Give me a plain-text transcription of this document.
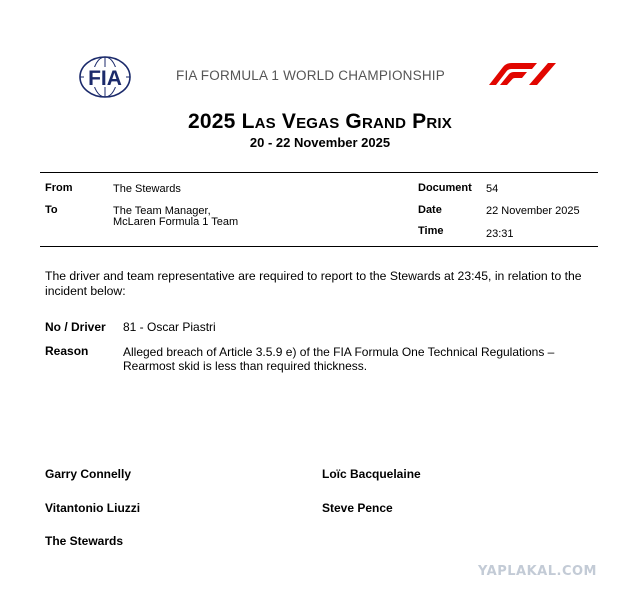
FIA	FIA FORMULA 1 WORLD CHAMPIONSHIP
2025 Las Vegas Grand Prix
20 - 22 November 2025
From	The Stewards
To	The Team Manager,
McLaren Formula 1 Team
Document 54
Date	22 November 2025
Time	23:31
The driver and team representative are required to report to the Stewards at 23:45, in relation to the incident below:
No / Driver 81 - Oscar Piastri
Reason	Alleged breach of Article 3.5.9 e) of the FIA Formula One Technical Regulations – Rearmost skid is less than required thickness.
Garry Connelly	Loïc Bacquelaine
Vitantonio Liuzzi	Steve Pence
The Stewards
YAPLAKAL.COM
